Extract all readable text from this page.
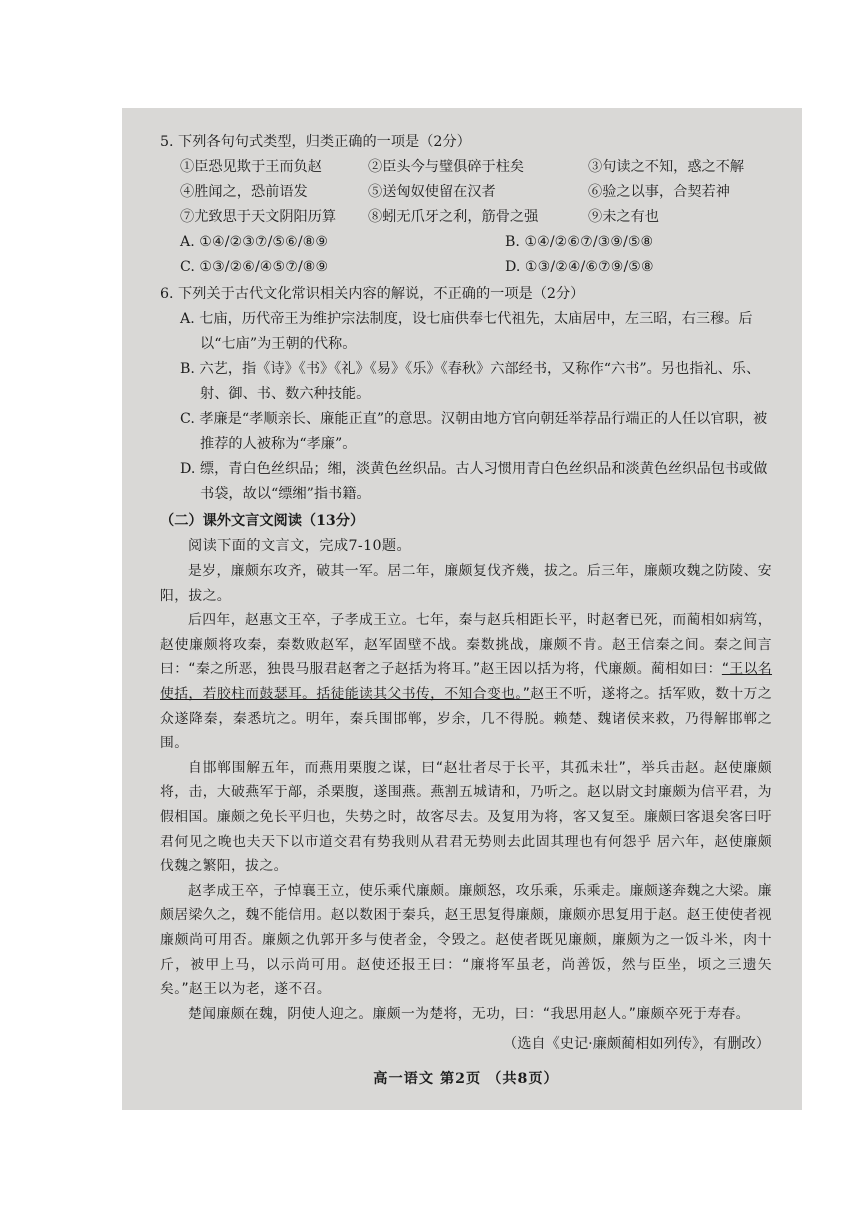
5. 下列各句句式类型，归类正确的一项是（2分）
①臣恐见欺于王而负赵	②臣头今与璧俱碎于柱矣	③句读之不知，惑之不解
④胜闻之，恐前语发	⑤送匈奴使留在汉者	⑥验之以事，合契若神
⑦尤致思于天文阴阳历算	⑧蚓无爪牙之利，筋骨之强	⑨未之有也
A. ①④/②③⑦/⑤⑥/⑧⑨	B. ①④/②⑥⑦/③⑨/⑤⑧
C. ①③/②⑥/④⑤⑦/⑧⑨	D. ①③/②④/⑥⑦⑨/⑤⑧
6. 下列关于古代文化常识相关内容的解说，不正确的一项是（2分）
A. 七庙，历代帝王为维护宗法制度，设七庙供奉七代祖先，太庙居中，左三昭，右三穆。后以“七庙”为王朝的代称。
B. 六艺，指《诗》《书》《礼》《易》《乐》《春秋》六部经书，又称作“六书”。另也指礼、乐、射、御、书、数六种技能。
C. 孝廉是“孝顺亲长、廉能正直”的意思。汉朝由地方官向朝廷举荐品行端正的人任以官职，被推荐的人被称为“孝廉”。
D. 缥，青白色丝织品；缃，淡黄色丝织品。古人习惯用青白色丝织品和淡黄色丝织品包书或做书袋，故以“缥缃”指书籍。
（二）课外文言文阅读（13分）
阅读下面的文言文，完成7-10题。

是岁，廉颇东攻齐，破其一军。居二年，廉颇复伐齐幾，拔之。后三年，廉颇攻魏之防陵、安阳，拔之。

后四年，赵惠文王卒，子孝成王立。七年，秦与赵兵相距长平，时赵奢已死，而蔺相如病笃，赵使廉颇将攻秦，秦数败赵军，赵军固壁不战。秦数挑战，廉颇不肯。赵王信秦之间。秦之间言曰：“秦之所恶，独畏马服君赵奢之子赵括为将耳。”赵王因以括为将，代廉颇。蔺相如曰：“王以名使括，若胶柱而鼓瑟耳。括徒能读其父书传，不知合变也。”赵王不听，遂将之。括军败，数十万之众遂降秦，秦悉坑之。明年，秦兵围邯郸，岁余，几不得脱。赖楚、魏诸侯来救，乃得解邯郸之围。

自邯郸围解五年，而燕用栗腹之谋，曰“赵壮者尽于长平，其孤未壮”，举兵击赵。赵使廉颇将，击，大破燕军于鄗，杀栗腹，遂围燕。燕割五城请和，乃听之。赵以尉文封廉颇为信平君，为假相国。廉颇之免长平归也，失势之时，故客尽去。及复用为将，客又复至。廉颇曰客退矣客曰吁君何见之晚也夫天下以市道交君有势我则从君君无势则去此固其理也有何怨乎 居六年，赵使廉颇伐魏之繁阳，拔之。

赵孝成王卒，子悼襄王立，使乐乘代廉颇。廉颇怒，攻乐乘，乐乘走。廉颇遂奔魏之大梁。廉颇居梁久之，魏不能信用。赵以数困于秦兵，赵王思复得廉颇，廉颇亦思复用于赵。赵王使使者视廉颇尚可用否。廉颇之仇郭开多与使者金，令毁之。赵使者既见廉颇，廉颇为之一饭斗米，肉十斤，被甲上马，以示尚可用。赵使还报王曰：“廉将军虽老，尚善饭，然与臣坐，顷之三遗矢矣。”赵王以为老，遂不召。

楚闻廉颇在魏，阴使人迎之。廉颇一为楚将，无功，曰：“我思用赵人。”廉颇卒死于寿春。

（选自《史记·廉颇蔺相如列传》，有删改）
高一语文 第2页 （共8页）
